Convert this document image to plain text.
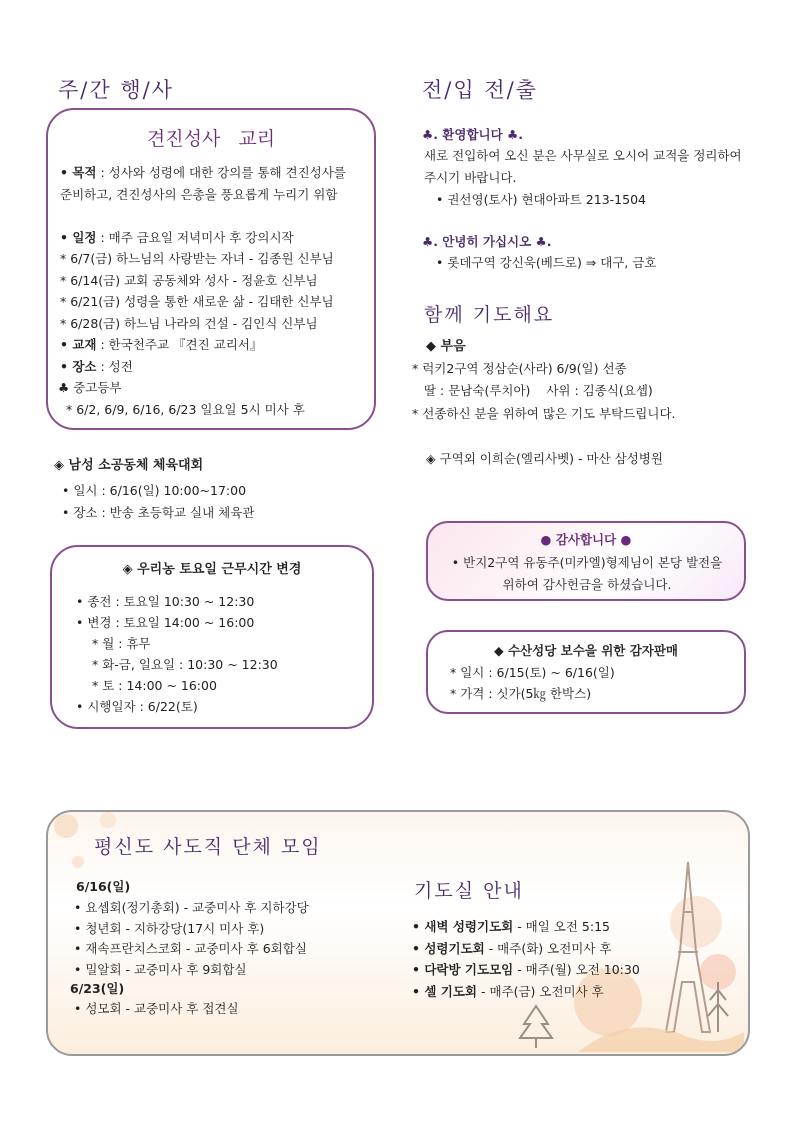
주/간 행/사
견진성사   교리
• 목적 : 성사와 성령에 대한 강의를 통해 견진성사를 준비하고, 견진성사의 은총을 풍요롭게 누리기 위함
• 일정 : 매주 금요일 저녁미사 후 강의시작
* 6/7(금) 하느님의 사랑받는 자녀 - 김종원 신부님
* 6/14(금) 교회 공동체와 성사 - 정윤호 신부님
* 6/21(금) 성령을 통한 새로운 삶 - 김태한 신부님
* 6/28(금) 하느님 나라의 건설 - 김인식 신부님
• 교재 : 한국천주교 『견진 교리서』
• 장소 : 성전
♣ 중고등부
* 6/2, 6/9, 6/16, 6/23 일요일 5시 미사 후
◈ 남성 소공동체 체육대회
• 일시 : 6/16(일) 10:00~17:00
• 장소 : 반송 초등학교 실내 체육관
◈ 우리농 토요일 근무시간 변경
• 종전 : 토요일 10:30 ~ 12:30
• 변경 : 토요일 14:00 ~ 16:00
* 월 : 휴무
* 화-금, 일요일 : 10:30 ~ 12:30
* 토 : 14:00 ~ 16:00
• 시행일자 : 6/22(토)
전/입 전/출
♣. 환영합니다 ♣.
새로 전입하여 오신 분은 사무실로 오시어 교적을 정리하여 주시기 바랍니다.
• 권선영(토사) 현대아파트 213-1504
♣. 안녕히 가십시오 ♣.
• 롯데구역 강신욱(베드로) ⇒ 대구, 금호
함께 기도해요
◆ 부음
* 럭키2구역 정삼순(사라) 6/9(일) 선종
딸 : 문남숙(루치아)    사위 : 김종식(요셉)
* 선종하신 분을 위하여 많은 기도 부탁드립니다.
◈ 구역외 이희순(엘리사벳) - 마산 삼성병원
● 감사합니다 ●
• 반지2구역 유동주(미카엘)형제님이 본당 발전을 위하여 감사헌금을 하셨습니다.
◆ 수산성당 보수을 위한 감자판매
* 일시 : 6/15(토) ~ 6/16(일)
* 가격 : 싯가(5㎏ 한박스)
평신도 사도직 단체 모임
6/16(일)
• 요셉회(정기총회) - 교중미사 후 지하강당
• 청년회 - 지하강당(17시 미사 후)
• 재속프란치스코회 - 교중미사 후 6회합실
• 밀알회 - 교중미사 후 9회합실
6/23(일)
• 성모회 - 교중미사 후 접견실
기도실 안내
• 새벽 성령기도회 - 매일 오전 5:15
• 성령기도회 - 매주(화) 오전미사 후
• 다락방 기도모임 - 매주(월) 오전 10:30
• 셀 기도회 - 매주(금) 오전미사 후
